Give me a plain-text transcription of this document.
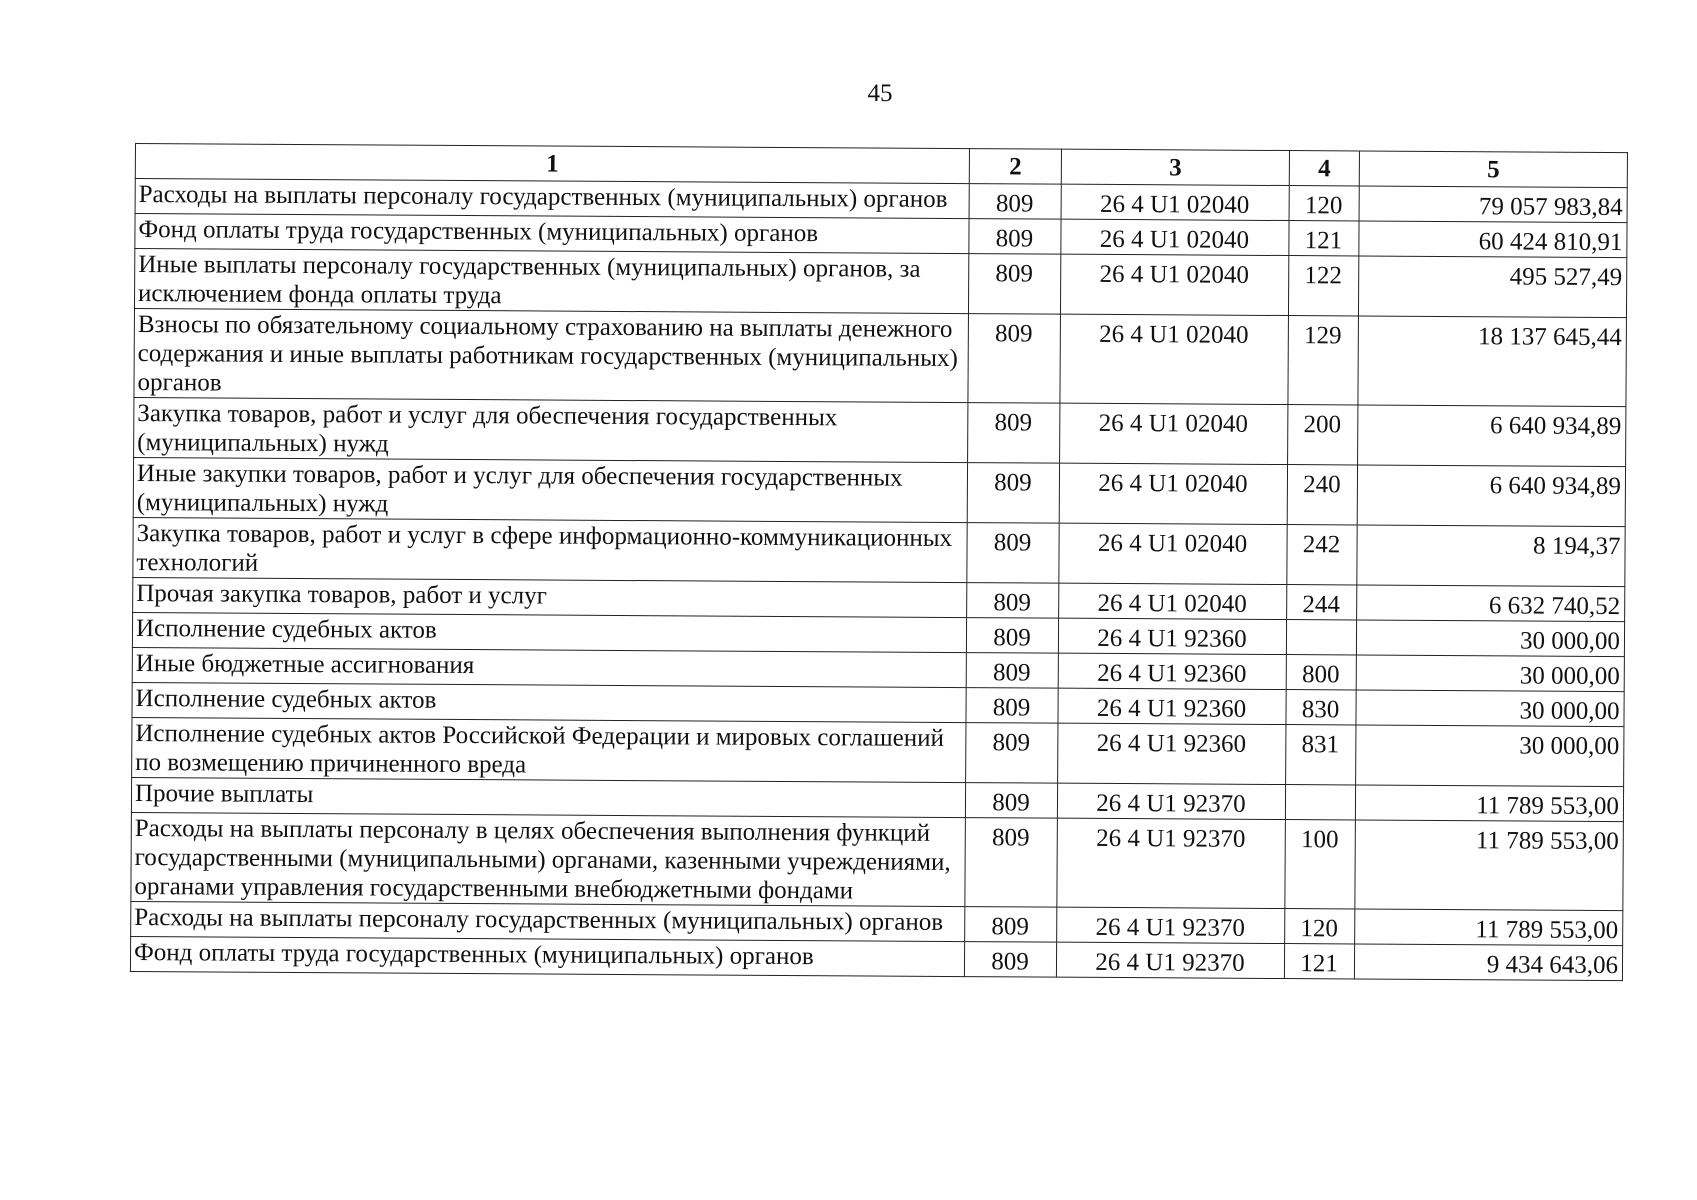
45
1	2	3	4	5
Расходы на выплаты персоналу государственных (муниципальных) органов	809	26 4 U1 02040	120	79 057 983,84
Фонд оплаты труда государственных (муниципальных) органов	809	26 4 U1 02040	121	60 424 810,91
Иные выплаты персоналу государственных (муниципальных) органов, за исключением фонда оплаты труда	809	26 4 U1 02040	122	495 527,49
Взносы по обязательному социальному страхованию на выплаты денежного содержания и иные выплаты работникам государственных (муниципальных) органов	809	26 4 U1 02040	129	18 137 645,44
Закупка товаров, работ и услуг для обеспечения государственных (муниципальных) нужд	809	26 4 U1 02040	200	6 640 934,89
Иные закупки товаров, работ и услуг для обеспечения государственных (муниципальных) нужд	809	26 4 U1 02040	240	6 640 934,89
Закупка товаров, работ и услуг в сфере информационно-коммуникационных технологий	809	26 4 U1 02040	242	8 194,37
Прочая закупка товаров, работ и услуг	809	26 4 U1 02040	244	6 632 740,52
Исполнение судебных актов	809	26 4 U1 92360		30 000,00
Иные бюджетные ассигнования	809	26 4 U1 92360	800	30 000,00
Исполнение судебных актов	809	26 4 U1 92360	830	30 000,00
Исполнение судебных актов Российской Федерации и мировых соглашений по возмещению причиненного вреда	809	26 4 U1 92360	831	30 000,00
Прочие выплаты	809	26 4 U1 92370		11 789 553,00
Расходы на выплаты персоналу в целях обеспечения выполнения функций государственными (муниципальными) органами, казенными учреждениями, органами управления государственными внебюджетными фондами	809	26 4 U1 92370	100	11 789 553,00
Расходы на выплаты персоналу государственных (муниципальных) органов	809	26 4 U1 92370	120	11 789 553,00
Фонд оплаты труда государственных (муниципальных) органов	809	26 4 U1 92370	121	9 434 643,06
